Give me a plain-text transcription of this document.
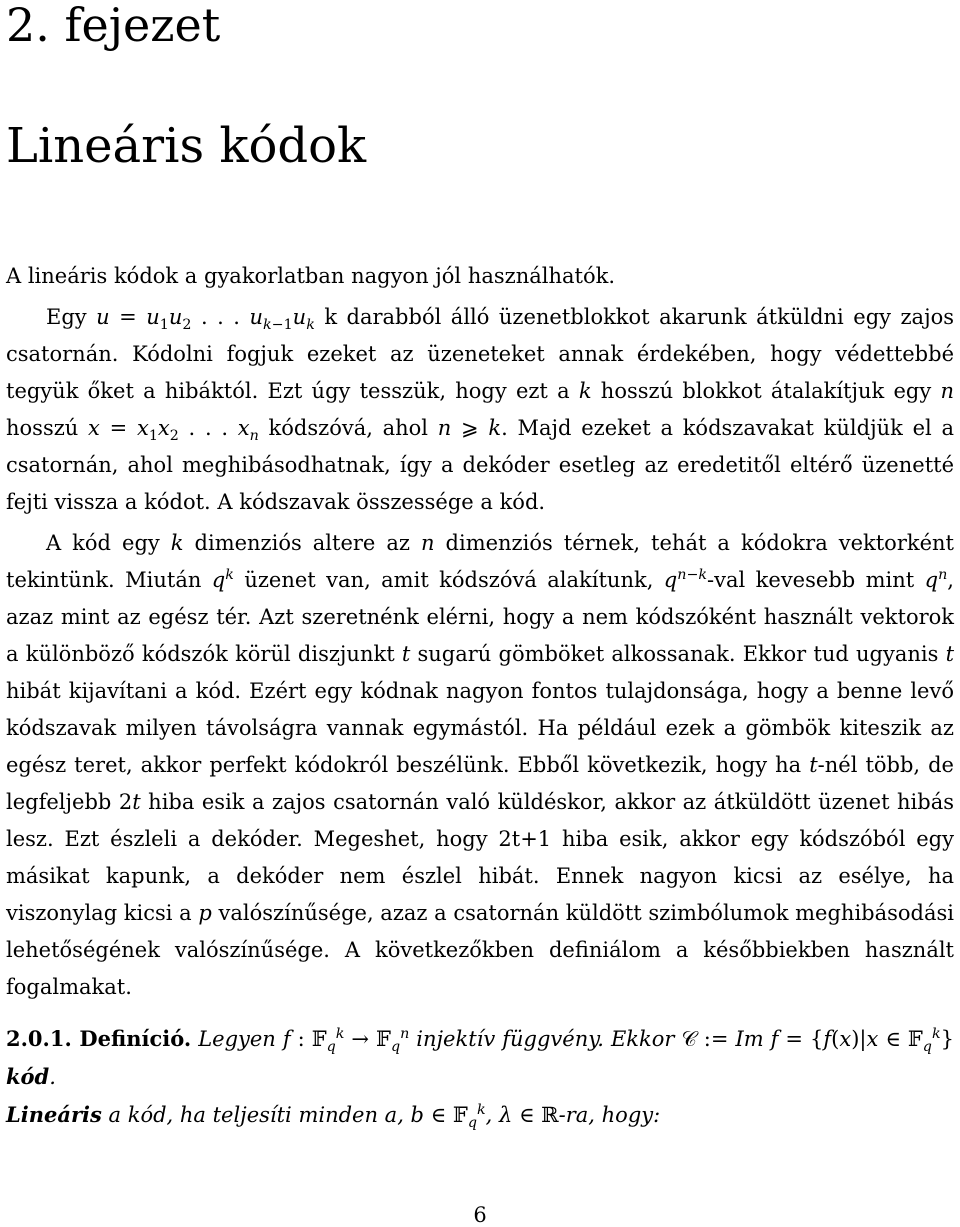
2. fejezet
Lineáris kódok

A lineáris kódok a gyakorlatban nagyon jól használhatók.

Egy $u = u_1u_2$ . . . $u_{k-1}u_k$ k darabból álló üzenetblokkot akarunk átküldni egy zajos csatornán. Kódolni fogjuk ezeket az üzeneteket annak érdekében, hogy védettebbé tegyük őket a hibáktól. Ezt úgy tesszük, hogy ezt a k hosszú blokkot átalakítjuk egy n hosszú $x = x_1x_2$ . . . $x_n$ kódszóvá, ahol n ⩾ k. Majd ezeket a kódszavakat küldjük el a csatornán, ahol meghibásodhatnak, így a dekóder esetleg az eredetitől eltérő üzenetté fejti vissza a kódot. A kódszavak összessége a kód.

A kód egy k dimenziós altere az n dimenziós térnek, tehát a kódokra vektorként tekintünk. Miután $q^k$ üzenet van, amit kódszóvá alakítunk, $q^{n-k}$-val kevesebb mint $q^n$, azaz mint az egész tér. Azt szeretnénk elérni, hogy a nem kódszóként használt vektorok a különböző kódszók körül diszjunkt t sugarú gömböket alkossanak. Ekkor tud ugyanis t hibát kijavítani a kód. Ezért egy kódnak nagyon fontos tulajdonsága, hogy a benne levő kódszavak milyen távolságra vannak egymástól. Ha például ezek a gömbök kiteszik az egész teret, akkor perfekt kódokról beszélünk. Ebből következik, hogy ha t-nél több, de legfeljebb 2t hiba esik a zajos csatornán való küldéskor, akkor az átküldött üzenet hibás lesz. Ezt észleli a dekóder. Megeshet, hogy 2t+1 hiba esik, akkor egy kódszóból egy másikat kapunk, a dekóder nem észlel hibát. Ennek nagyon kicsi az esélye, ha viszonylag kicsi a p valószínűsége, azaz a csatornán küldött szimbólumok meghibásodási lehetőségének valószínűsége. A következőkben definiálom a későbbiekben használt fogalmakat.

2.0.1. Definíció. Legyen f : 𝔽$_q^k$ → 𝔽$_q^n$ injektív függvény. Ekkor 𝒞 := Im f = {f(x)|x ∈ 𝔽$_q^k$} kód.
Lineáris a kód, ha teljesíti minden a, b ∈ 𝔽$_q^k$, λ ∈ ℝ-ra, hogy:

6
